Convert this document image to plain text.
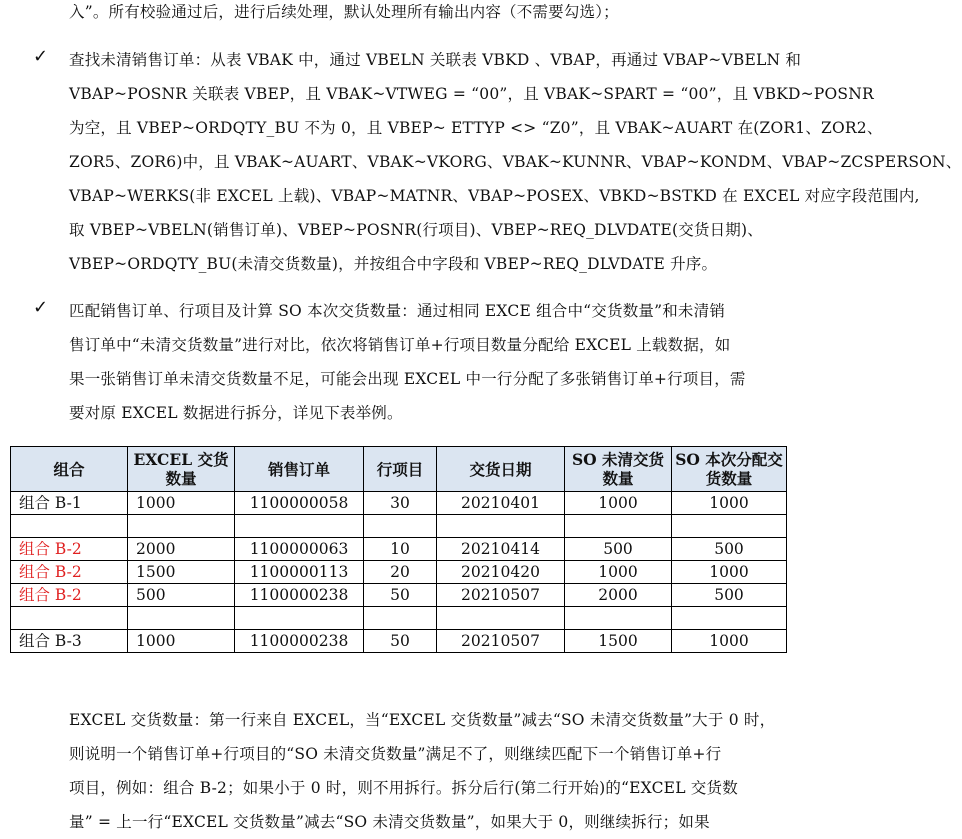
入”。所有校验通过后，进行后续处理，默认处理所有输出内容（不需要勾选）；
✓ 查找未清销售订单：从表 VBAK 中，通过 VBELN 关联表 VBKD 、VBAP，再通过 VBAP~VBELN 和
VBAP~POSNR 关联表 VBEP，且 VBAK~VTWEG = “00”，且 VBAK~SPART = “00”，且 VBKD~POSNR
为空，且 VBEP~ORDQTY_BU 不为 0，且 VBEP~ ETTYP <> “Z0”，且 VBAK~AUART 在(ZOR1、ZOR2、
ZOR5、ZOR6)中，且 VBAK~AUART、VBAK~VKORG、VBAK~KUNNR、VBAP~KONDM、VBAP~ZCSPERSON、
VBAP~WERKS(非 EXCEL 上载)、VBAP~MATNR、VBAP~POSEX、VBKD~BSTKD 在 EXCEL 对应字段范围内,
取 VBEP~VBELN(销售订单)、VBEP~POSNR(行项目)、VBEP~REQ_DLVDATE(交货日期)、
VBEP~ORDQTY_BU(未清交货数量)，并按组合中字段和 VBEP~REQ_DLVDATE 升序。
✓ 匹配销售订单、行项目及计算 SO 本次交货数量：通过相同 EXCE 组合中“交货数量”和未清销
售订单中“未清交货数量”进行对比，依次将销售订单+行项目数量分配给 EXCEL 上载数据，如
果一张销售订单未清交货数量不足，可能会出现 EXCEL 中一行分配了多张销售订单+行项目，需
要对原 EXCEL 数据进行拆分，详见下表举例。
组合	EXCEL 交货数量	销售订单	行项目	交货日期	SO 未清交货数量	SO 本次分配交货数量
组合 B-1	1000	1100000058	30	20210401	1000	1000

组合 B-2	2000	1100000063	10	20210414	500	500
组合 B-2	1500	1100000113	20	20210420	1000	1000
组合 B-2	500	1100000238	50	20210507	2000	500

组合 B-3	1000	1100000238	50	20210507	1500	1000
EXCEL 交货数量：第一行来自 EXCEL，当“EXCEL 交货数量”减去“SO 未清交货数量”大于 0 时，
则说明一个销售订单+行项目的“SO 未清交货数量”满足不了，则继续匹配下一个销售订单+行
项目，例如：组合 B-2；如果小于 0 时，则不用拆行。拆分后行(第二行开始)的“EXCEL 交货数
量” = 上一行“EXCEL 交货数量”减去“SO 未清交货数量”，如果大于 0，则继续拆行；如果
